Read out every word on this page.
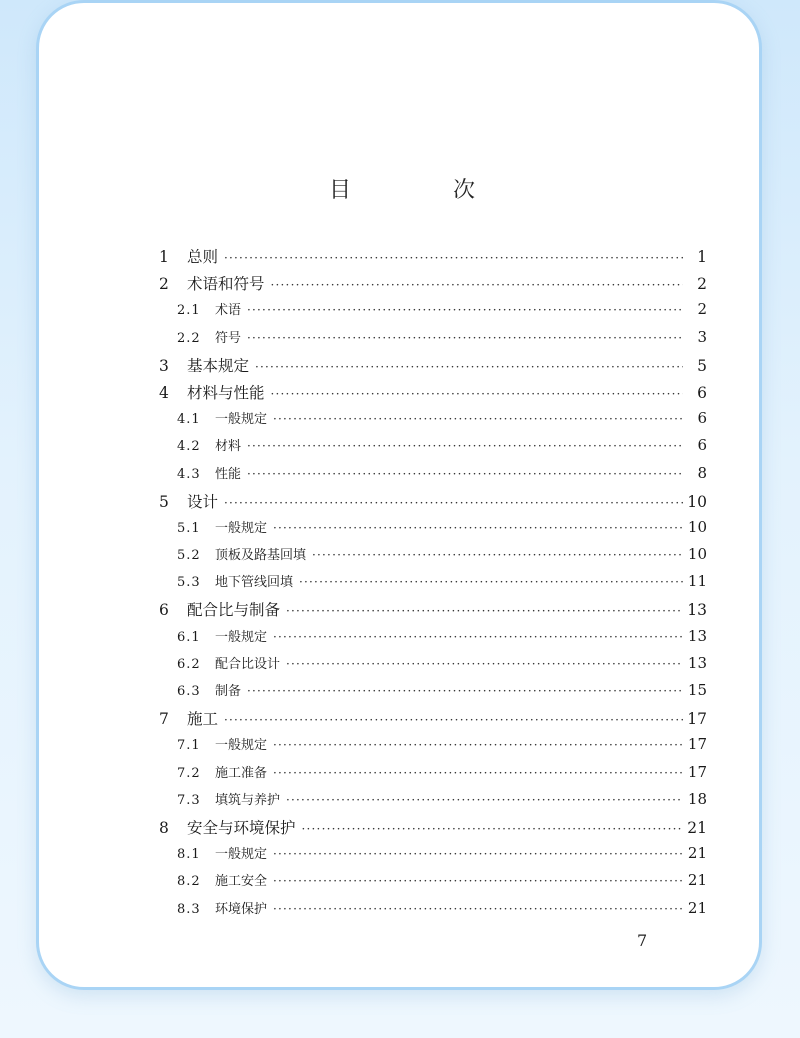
目　次
1	总则 ·····	1
2	术语和符号 ·····	2
2.1	术语 ·····	2
2.2	符号 ·····	3
3	基本规定 ·····	5
4	材料与性能 ·····	6
4.1	一般规定 ·····	6
4.2	材料 ·····	6
4.3	性能 ·····	8
5	设计 ·····	10
5.1	一般规定 ·····	10
5.2	顶板及路基回填 ·····	10
5.3	地下管线回填 ·····	11
6	配合比与制备 ·····	13
6.1	一般规定 ·····	13
6.2	配合比设计 ·····	13
6.3	制备 ·····	15
7	施工 ·····	17
7.1	一般规定 ·····	17
7.2	施工准备 ·····	17
7.3	填筑与养护 ·····	18
8	安全与环境保护 ·····	21
8.1	一般规定 ·····	21
8.2	施工安全 ·····	21
8.3	环境保护 ·····	21
7
